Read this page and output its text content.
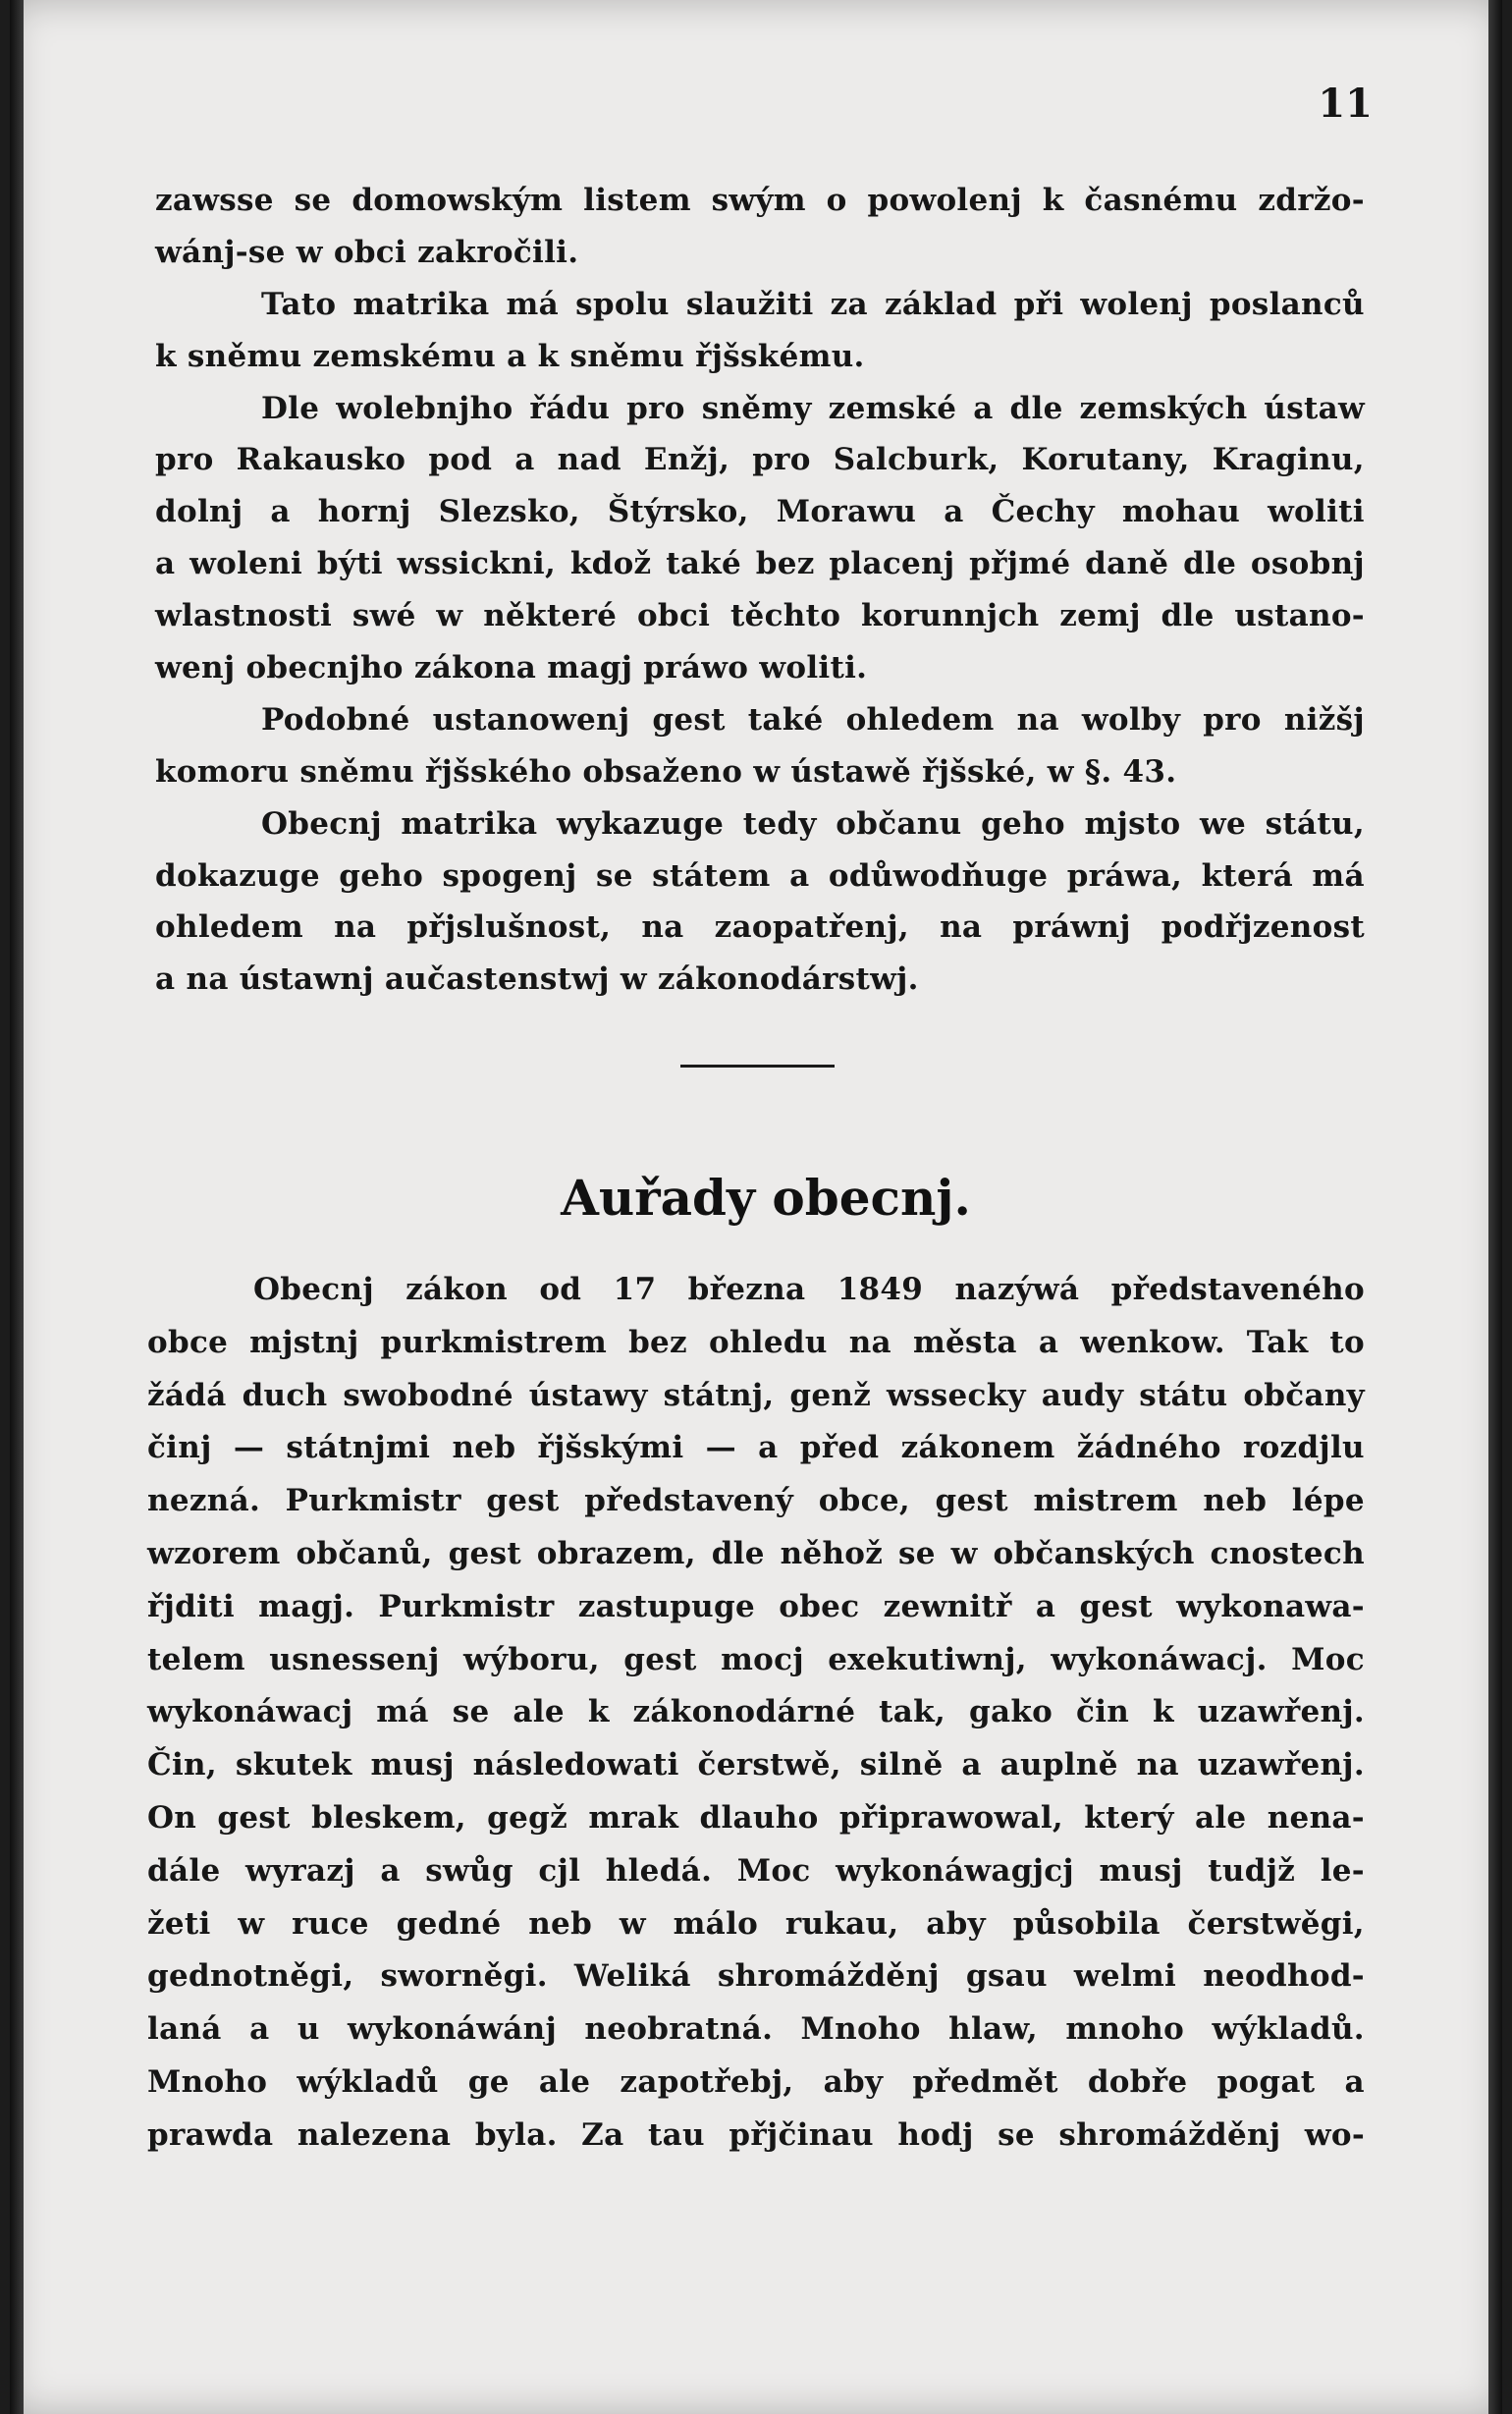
11
zawsse se domowským listem swým o powolenj k časnému zdržo-
wánj-se w obci zakročili.
Tato matrika má spolu slaužiti za základ při wolenj poslanců
k sněmu zemskému a k sněmu řjšskému.
Dle wolebnjho řádu pro sněmy zemské a dle zemských ústaw
pro Rakausko pod a nad Enžj, pro Salcburk, Korutany, Kraginu,
dolnj a hornj Slezsko, Štýrsko, Morawu a Čechy mohau woliti
a woleni býti wssickni, kdož také bez placenj přjmé daně dle osobnj
wlastnosti swé w některé obci těchto korunnjch zemj dle ustano-
wenj obecnjho zákona magj práwo woliti.
Podobné ustanowenj gest také ohledem na wolby pro nižšj
komoru sněmu řjšského obsaženo w ústawě řjšské, w §. 43.
Obecnj matrika wykazuge tedy občanu geho mjsto we státu,
dokazuge geho spogenj se státem a odůwodňuge práwa, která má
ohledem na přjslušnost, na zaopatřenj, na práwnj podřjzenost
a na ústawnj aučastenstwj w zákonodárstwj.
Auřady obecnj.
Obecnj zákon od 17 března 1849 nazýwá představeného
obce mjstnj purkmistrem bez ohledu na města a wenkow. Tak to
žádá duch swobodné ústawy státnj, genž wssecky audy státu občany
činj — státnjmi neb řjšskými — a před zákonem žádného rozdjlu
nezná. Purkmistr gest představený obce, gest mistrem neb lépe
wzorem občanů, gest obrazem, dle něhož se w občanských cnostech
řjditi magj. Purkmistr zastupuge obec zewnitř a gest wykonawa-
telem usnessenj wýboru, gest mocj exekutiwnj, wykonáwacj. Moc
wykonáwacj má se ale k zákonodárné tak, gako čin k uzawřenj.
Čin, skutek musj následowati čerstwě, silně a auplně na uzawřenj.
On gest bleskem, gegž mrak dlauho připrawowal, který ale nena-
dále wyrazj a swůg cjl hledá. Moc wykonáwagjcj musj tudjž le-
žeti w ruce gedné neb w málo rukau, aby působila čerstwěgi,
gednotněgi, sworněgi. Weliká shromážděnj gsau welmi neodhod-
laná a u wykonáwánj neobratná. Mnoho hlaw, mnoho wýkladů.
Mnoho wýkladů ge ale zapotřebj, aby předmět dobře pogat a
prawda nalezena byla. Za tau přjčinau hodj se shromážděnj wo-
